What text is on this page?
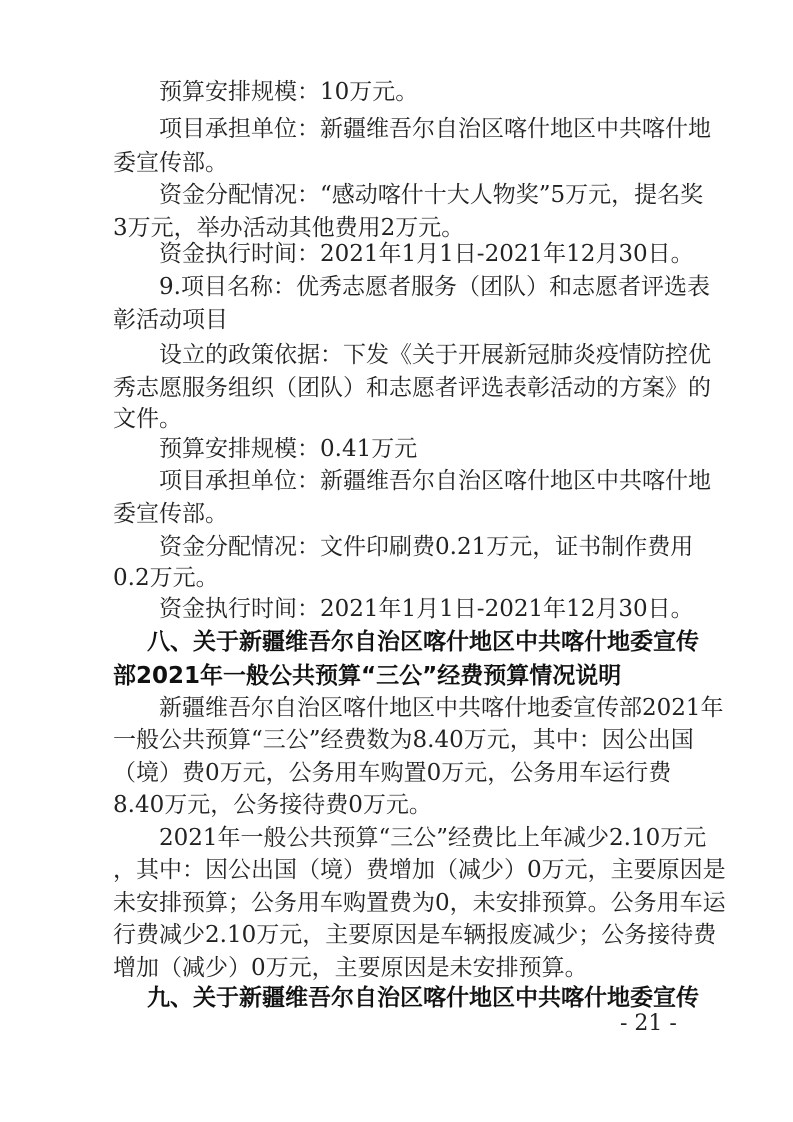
预算安排规模：10万元。
项目承担单位：新疆维吾尔自治区喀什地区中共喀什地
委宣传部。
资金分配情况：“感动喀什十大人物奖”5万元，提名奖
3万元，举办活动其他费用2万元。
资金执行时间：2021年1月1日-2021年12月30日。
9.项目名称：优秀志愿者服务（团队）和志愿者评选表
彰活动项目
设立的政策依据：下发《关于开展新冠肺炎疫情防控优
秀志愿服务组织（团队）和志愿者评选表彰活动的方案》的
文件。
预算安排规模：0.41万元
项目承担单位：新疆维吾尔自治区喀什地区中共喀什地
委宣传部。
资金分配情况：文件印刷费0.21万元，证书制作费用
0.2万元。
资金执行时间：2021年1月1日-2021年12月30日。
八、关于新疆维吾尔自治区喀什地区中共喀什地委宣传
部2021年一般公共预算“三公”经费预算情况说明
新疆维吾尔自治区喀什地区中共喀什地委宣传部2021年
一般公共预算“三公”经费数为8.40万元，其中：因公出国
（境）费0万元，公务用车购置0万元，公务用车运行费
8.40万元，公务接待费0万元。
2021年一般公共预算“三公”经费比上年减少2.10万元
，其中：因公出国（境）费增加（减少）0万元，主要原因是
未安排预算；公务用车购置费为0，未安排预算。公务用车运
行费减少2.10万元，主要原因是车辆报废减少；公务接待费
增加（减少）0万元，主要原因是未安排预算。
九、关于新疆维吾尔自治区喀什地区中共喀什地委宣传
- 21 -
